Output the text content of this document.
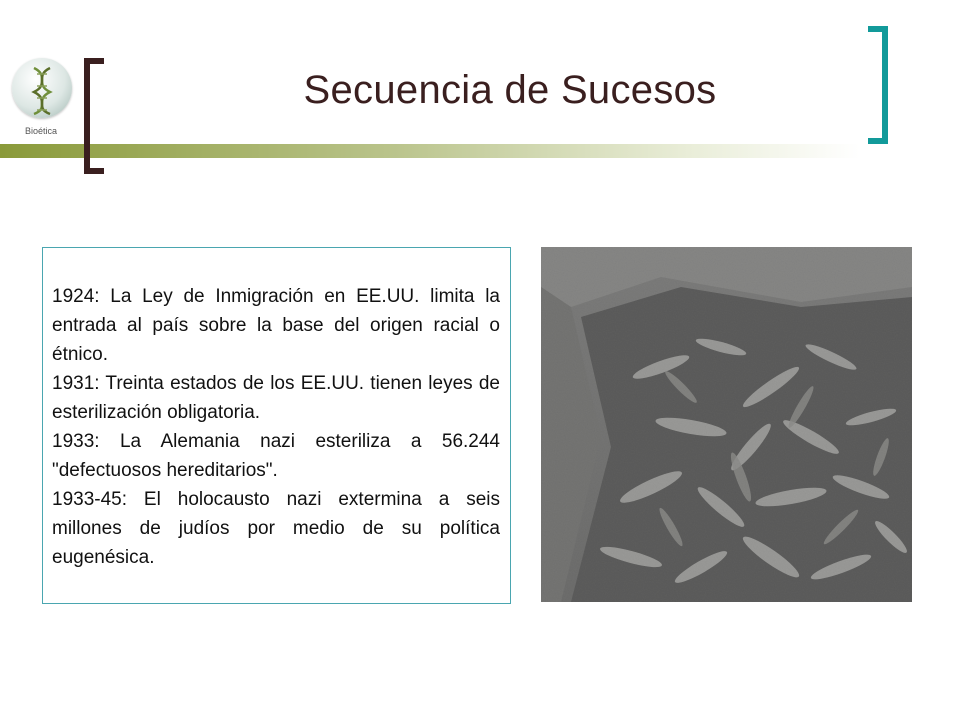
Bioética
Secuencia de Sucesos

1924: La Ley de Inmigración en EE.UU. limita la entrada al país sobre la base del origen racial o étnico.

1931: Treinta estados de los EE.UU. tienen leyes de esterilización obligatoria.

1933: La Alemania nazi esteriliza a 56.244 "defectuosos hereditarios".

1933-45: El holocausto nazi extermina a seis millones de judíos por medio de su política eugenésica.
